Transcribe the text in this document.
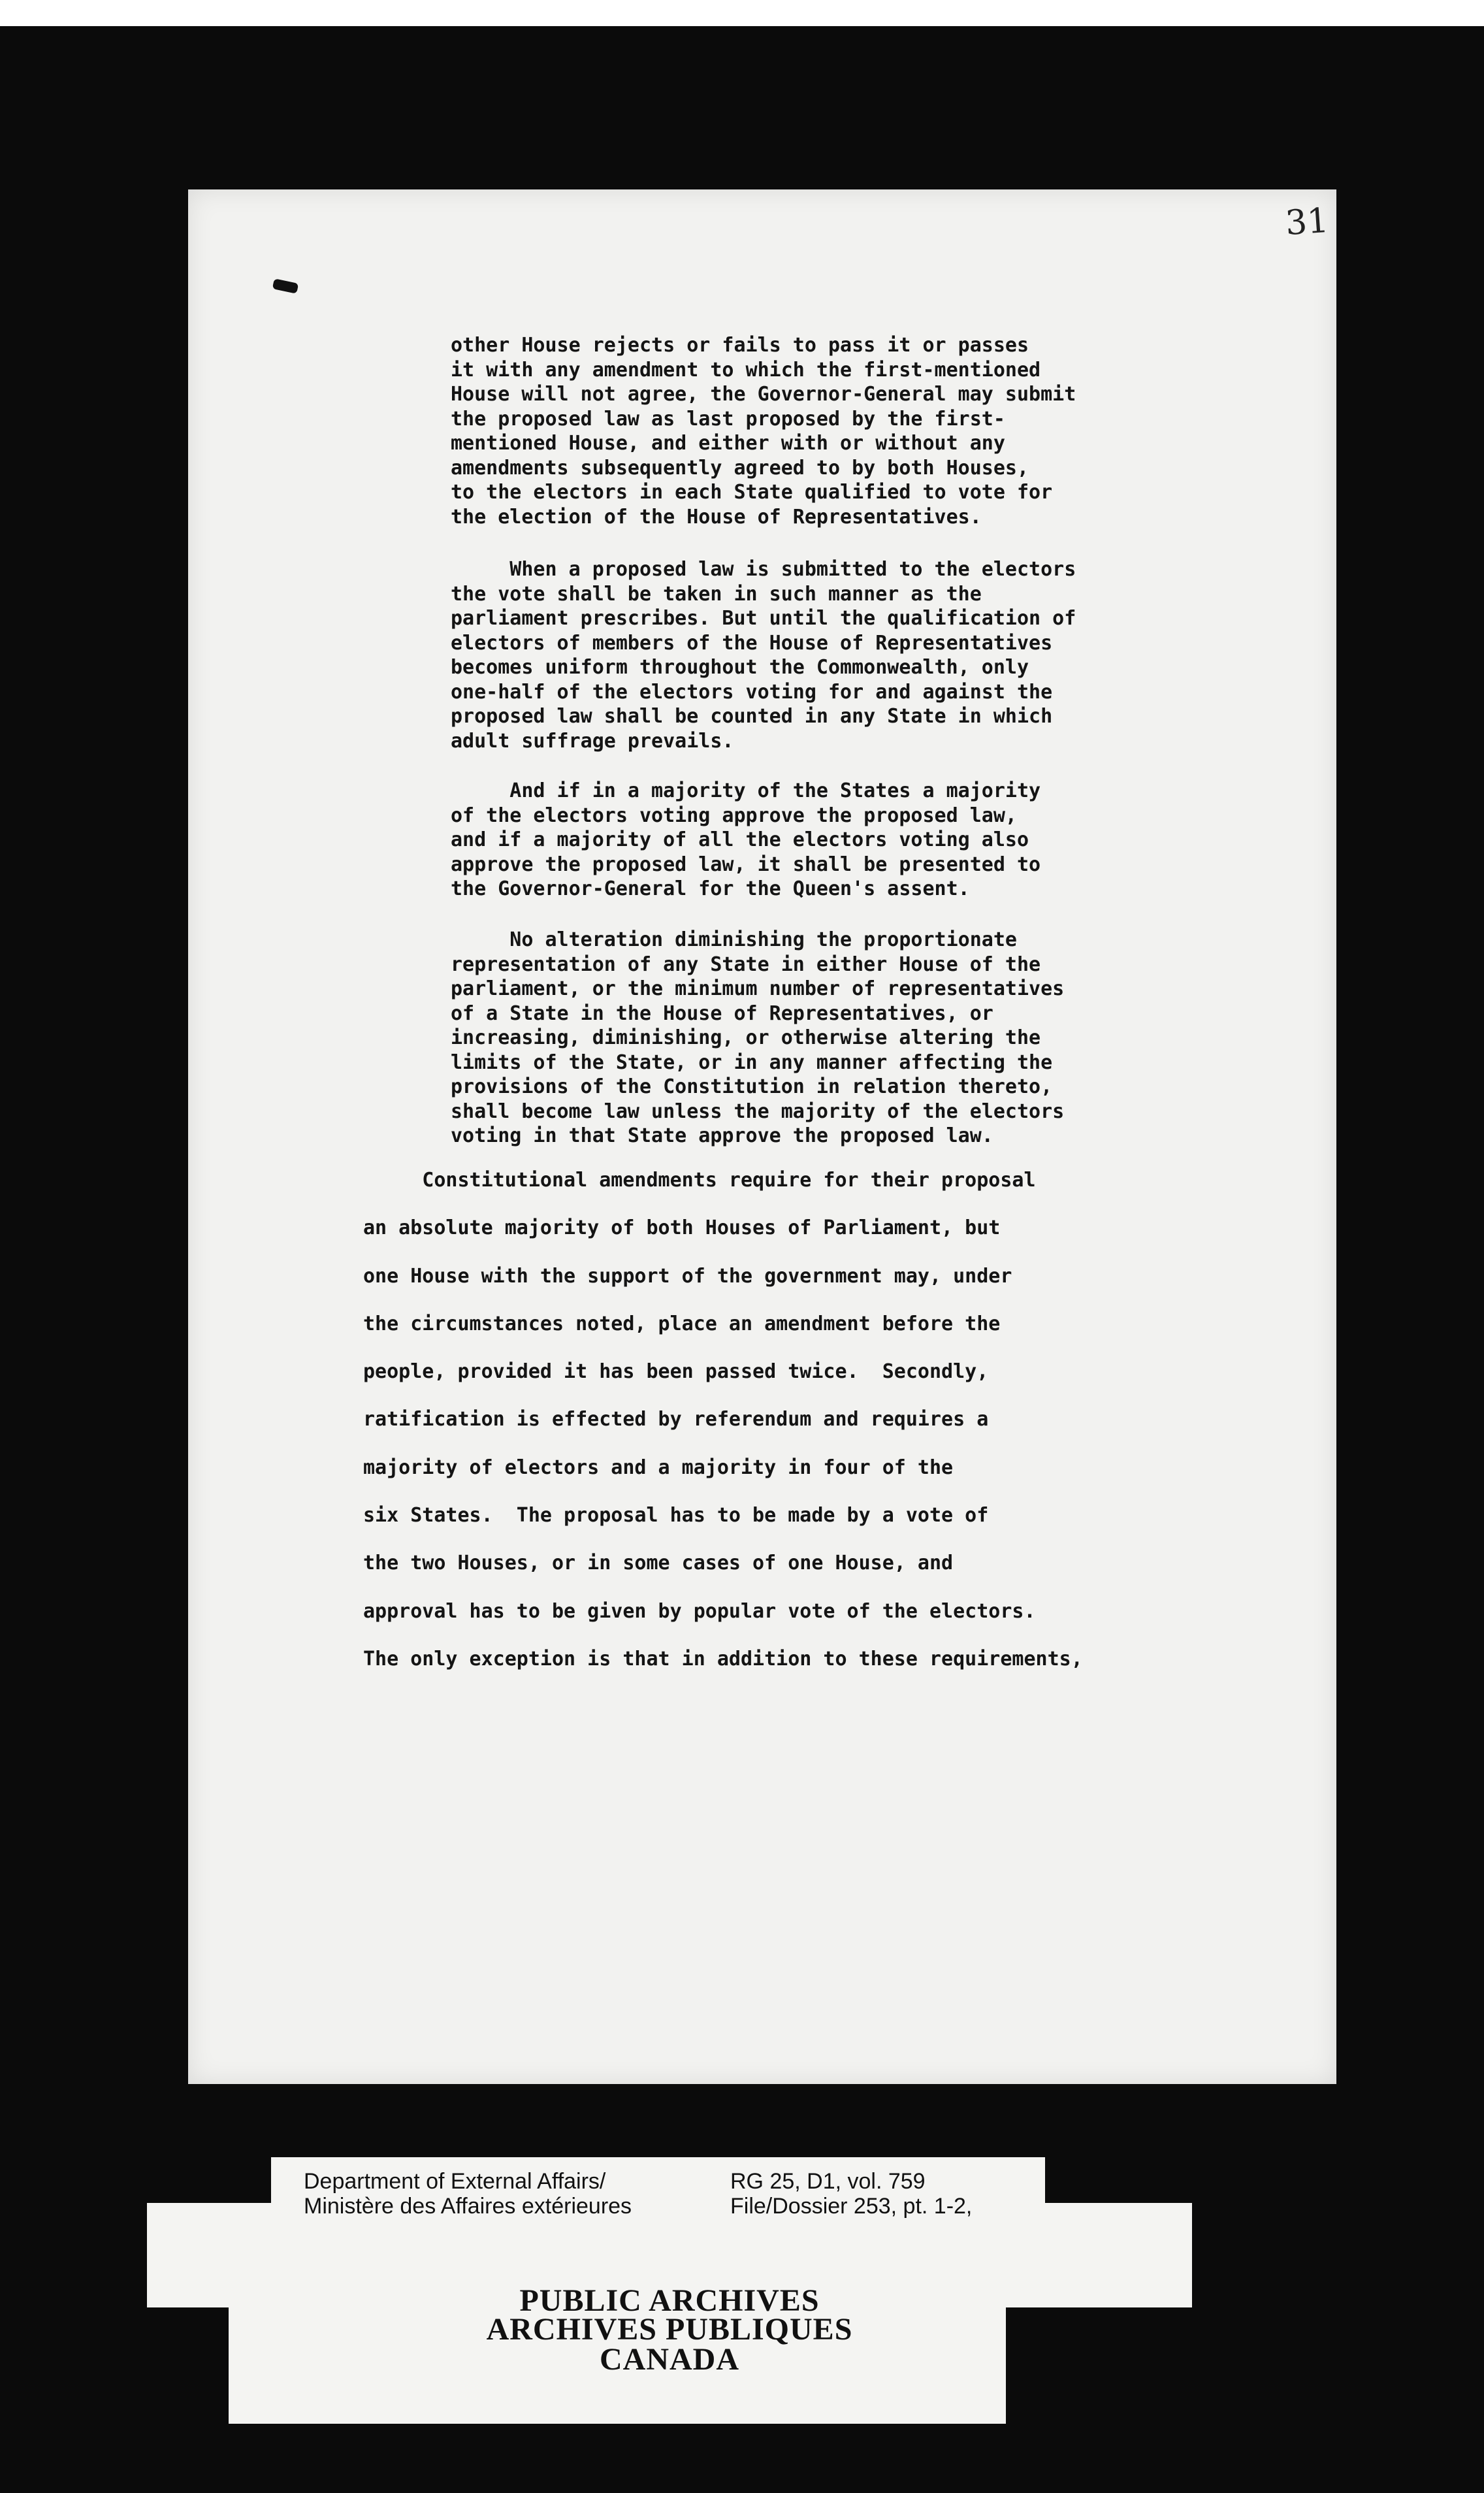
31
other House rejects or fails to pass it or passes
it with any amendment to which the first-mentioned
House will not agree, the Governor-General may submit
the proposed law as last proposed by the first-
mentioned House, and either with or without any
amendments subsequently agreed to by both Houses,
to the electors in each State qualified to vote for
the election of the House of Representatives.
When a proposed law is submitted to the electors
the vote shall be taken in such manner as the
parliament prescribes. But until the qualification of
electors of members of the House of Representatives
becomes uniform throughout the Commonwealth, only
one-half of the electors voting for and against the
proposed law shall be counted in any State in which
adult suffrage prevails.
And if in a majority of the States a majority
of the electors voting approve the proposed law,
and if a majority of all the electors voting also
approve the proposed law, it shall be presented to
the Governor-General for the Queen's assent.
No alteration diminishing the proportionate
representation of any State in either House of the
parliament, or the minimum number of representatives
of a State in the House of Representatives, or
increasing, diminishing, or otherwise altering the
limits of the State, or in any manner affecting the
provisions of the Constitution in relation thereto,
shall become law unless the majority of the electors
voting in that State approve the proposed law.
Constitutional amendments require for their proposal
an absolute majority of both Houses of Parliament, but
one House with the support of the government may, under
the circumstances noted, place an amendment before the
people, provided it has been passed twice.  Secondly,
ratification is effected by referendum and requires a
majority of electors and a majority in four of the
six States.  The proposal has to be made by a vote of
the two Houses, or in some cases of one House, and
approval has to be given by popular vote of the electors.
The only exception is that in addition to these requirements,
Department of External Affairs/
Ministère des Affaires extérieures
RG 25, D1, vol. 759
File/Dossier 253, pt. 1-2,
PUBLIC ARCHIVES
ARCHIVES PUBLIQUES
CANADA
